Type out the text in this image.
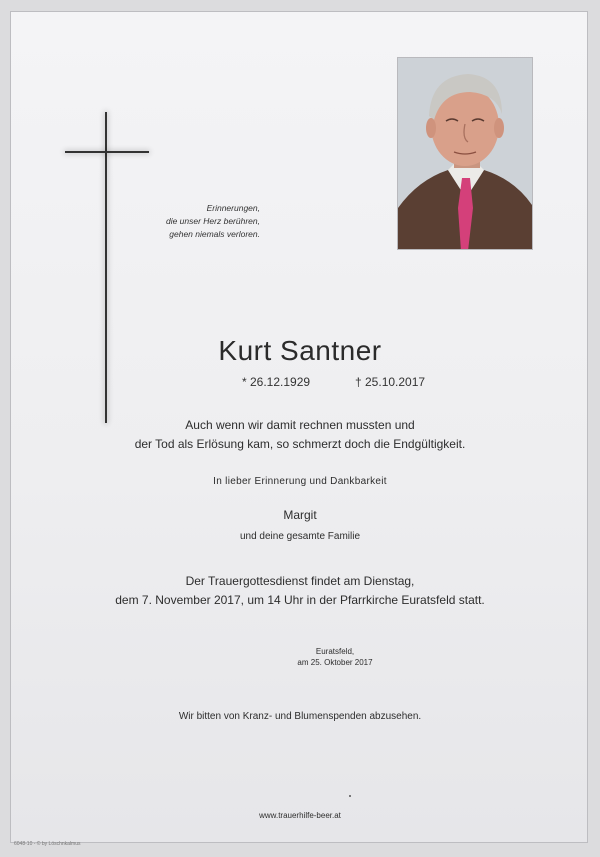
Erinnerungen,
die unser Herz berühren,
gehen niemals verloren.
Kurt Santner
* 26.12.1929	† 25.10.2017
Auch wenn wir damit rechnen mussten und
der Tod als Erlösung kam, so schmerzt doch die Endgültigkeit.
In lieber Erinnerung und Dankbarkeit
Margit
und deine gesamte Familie
Der Trauergottesdienst findet am Dienstag,
dem 7. November 2017, um 14 Uhr in der Pfarrkirche Euratsfeld statt.
Euratsfeld,
am 25. Oktober 2017
Wir bitten von Kranz- und Blumenspenden abzusehen.
www.trauerhilfe-beer.at
6048-10 - © by Löschnkalmus
